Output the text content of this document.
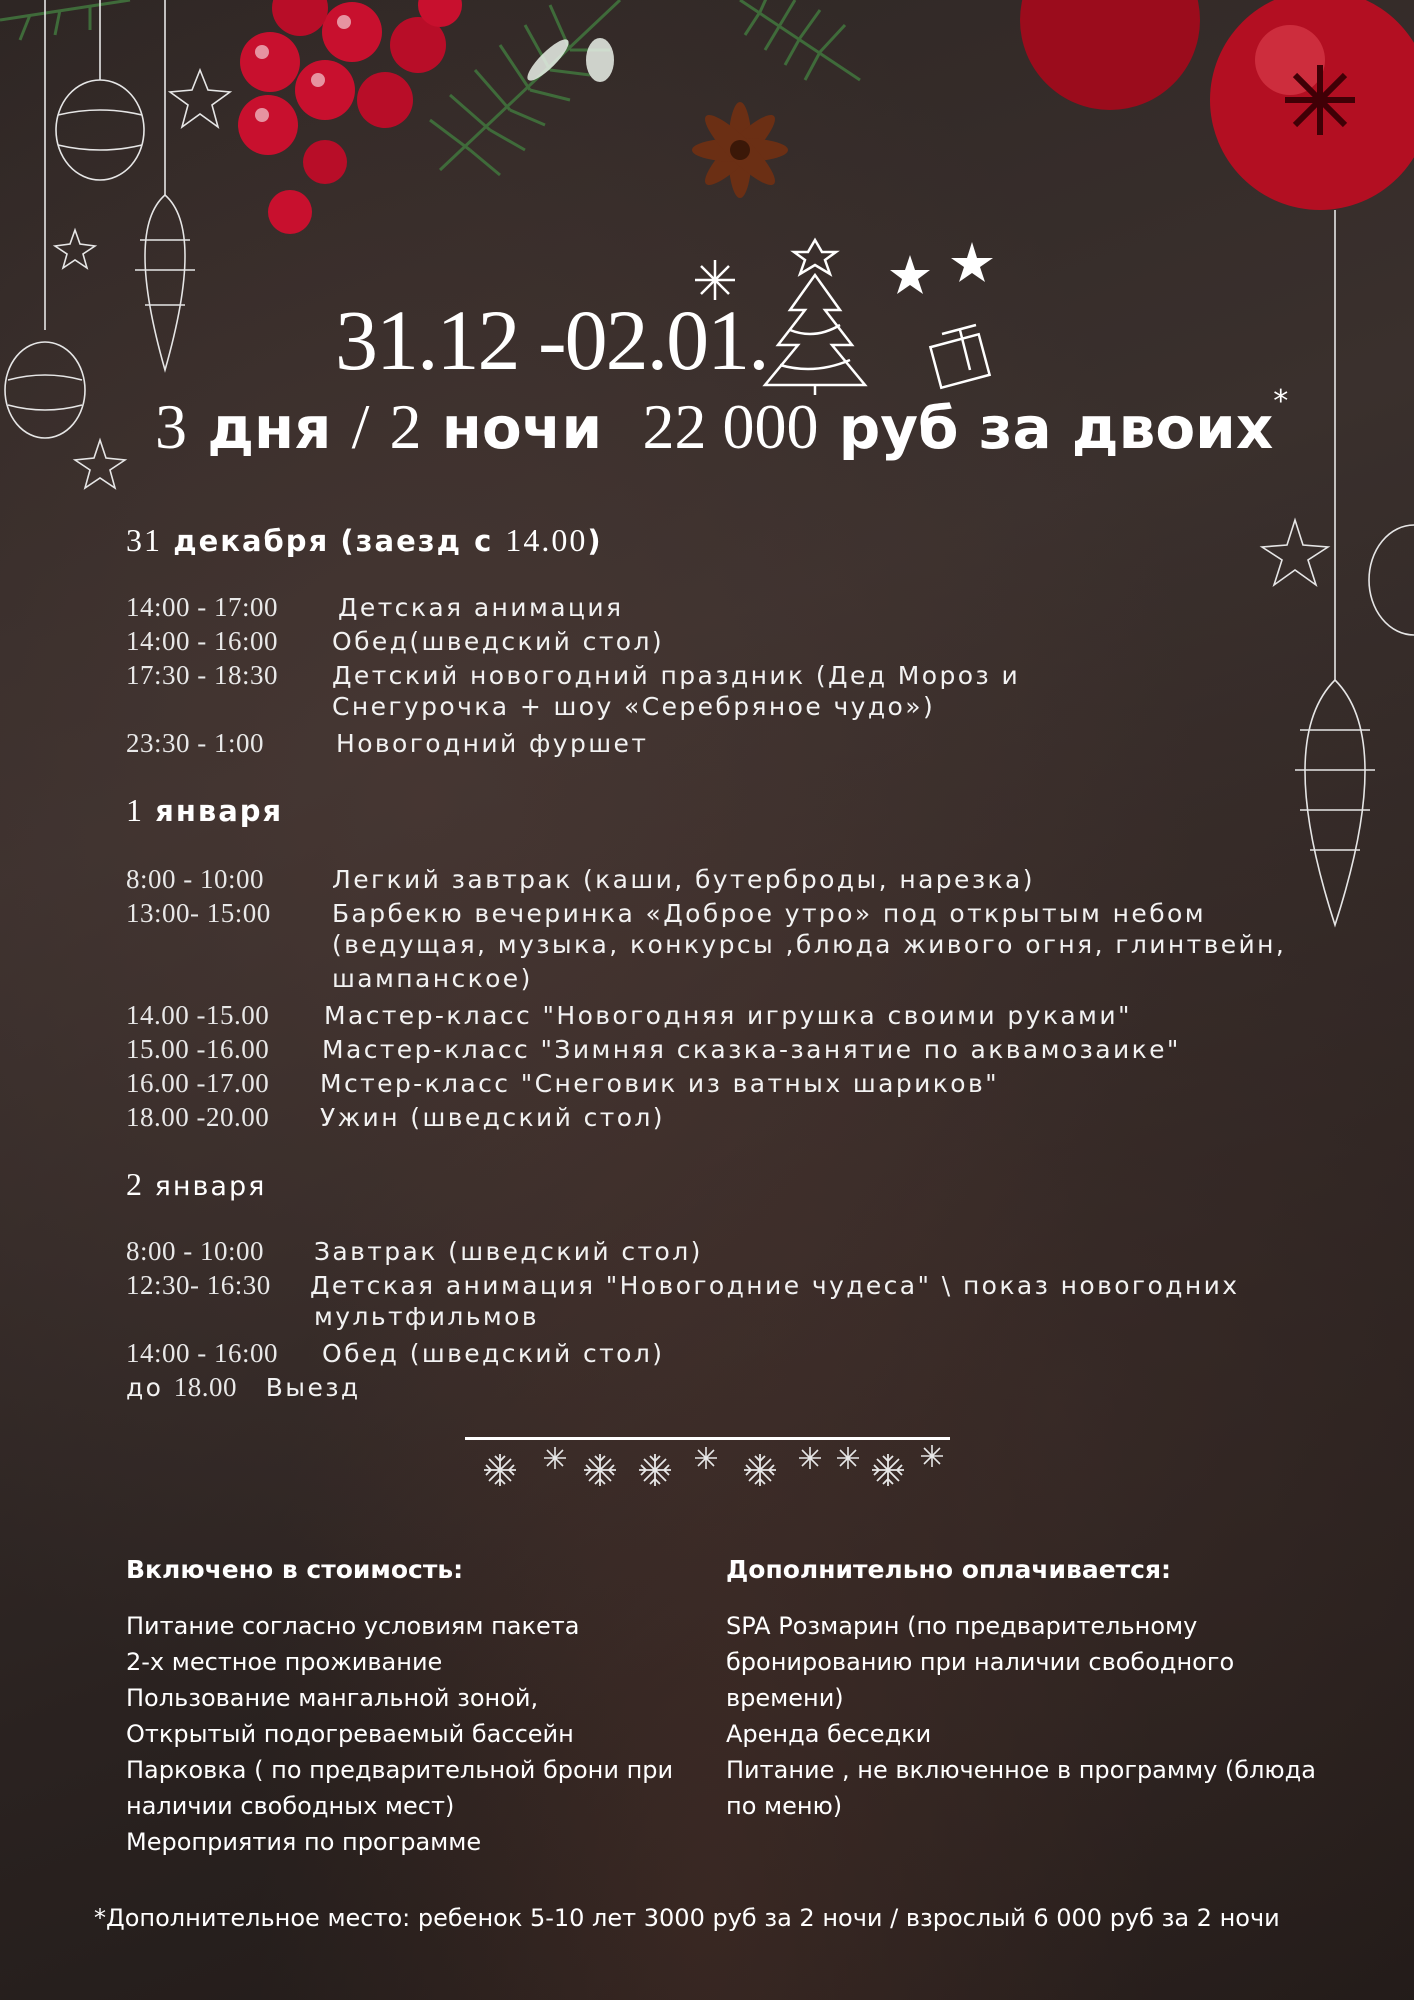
31.12 -02.01.
3 дня / 2 ночи 22 000 руб за двоих*
31 декабря (заезд с 14.00)
14:00 - 17:00 Детская анимация
14:00 - 16:00 Обед(шведский стол)
17:30 - 18:30 Детский новогодний праздник (Дед Мороз и
Снегурочка + шоу «Серебряное чудо»)
23:30 - 1:00	Новогодний фуршет
1 января
8:00 - 10:00	Легкий завтрак (каши, бутерброды, нарезка)
13:00- 15:00 Барбекю вечеринка «Доброе утро» под открытым небом
(ведущая, музыка, конкурсы ,блюда живого огня, глинтвейн,
шампанское)
14.00 -15.00 Мастер-класс "Новогодняя игрушка своими руками"
15.00 -16.00 Мастер-класс "Зимняя сказка-занятие по аквамозаике"
16.00 -17.00 Мстер-класс "Снеговик из ватных шариков"
18.00 -20.00 Ужин (шведский стол)
2 января
8:00 - 10:00 Завтрак (шведский стол)
12:30- 16:30 Детская анимация "Новогодние чудеса" \ показ новогодних
мультфильмов
14:00 - 16:00 Обед (шведский стол)
до 18.00 Выезд
Включено в стоимость:
Питание согласно условиям пакета
2-х местное проживание
Пользование мангальной зоной,
Открытый подогреваемый бассейн
Парковка ( по предварительной брони при
наличии свободных мест)
Мероприятия по программе
Дополнительно оплачивается:
SPA Розмарин (по предварительному
бронированию при наличии свободного
времени)
Аренда беседки
Питание , не включенное в программу (блюда
по меню)
*Дополнительное место: ребенок 5-10 лет 3000 руб за 2 ночи / взрослый 6 000 руб за 2 ночи
